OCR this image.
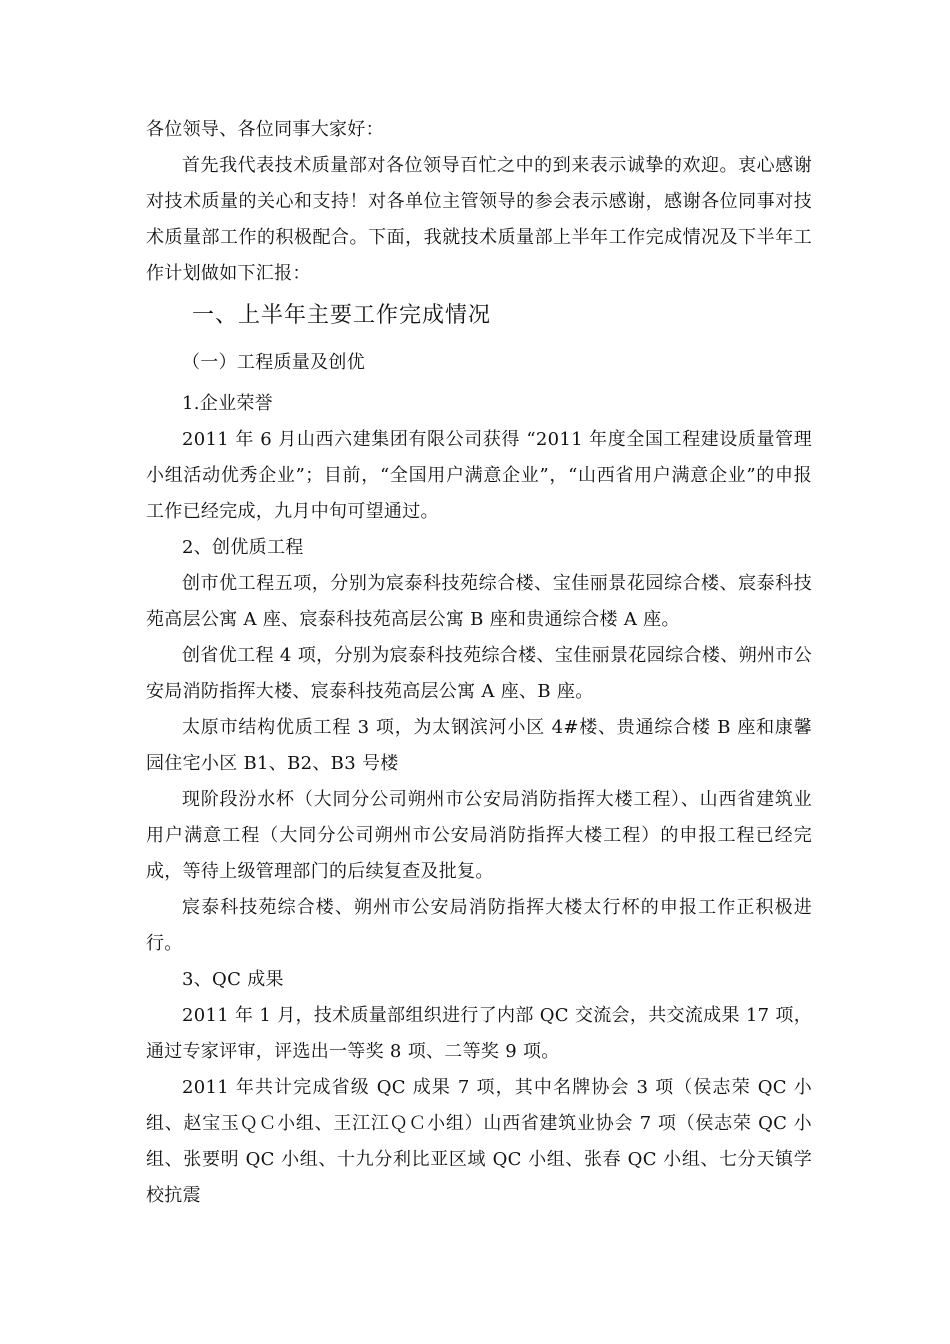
各位领导、各位同事大家好：

首先我代表技术质量部对各位领导百忙之中的到来表示诚挚的欢迎。衷心感谢对技术质量的关心和支持！对各单位主管领导的参会表示感谢，感谢各位同事对技术质量部工作的积极配合。下面，我就技术质量部上半年工作完成情况及下半年工作计划做如下汇报：

一、上半年主要工作完成情况

（一）工程质量及创优

1.企业荣誉

2011 年 6 月山西六建集团有限公司获得 “2011 年度全国工程建设质量管理小组活动优秀企业”；目前，“全国用户满意企业”，“山西省用户满意企业”的申报工作已经完成，九月中旬可望通过。

2、创优质工程

创市优工程五项，分别为宸泰科技苑综合楼、宝佳丽景花园综合楼、宸泰科技苑高层公寓 A 座、宸泰科技苑高层公寓 B 座和贵通综合楼 A 座。

创省优工程 4 项，分别为宸泰科技苑综合楼、宝佳丽景花园综合楼、朔州市公安局消防指挥大楼、宸泰科技苑高层公寓 A 座、B 座。

太原市结构优质工程 3 项，为太钢滨河小区 4#楼、贵通综合楼 B 座和康馨园住宅小区 B1、B2、B3 号楼

现阶段汾水杯（大同分公司朔州市公安局消防指挥大楼工程）、山西省建筑业用户满意工程（大同分公司朔州市公安局消防指挥大楼工程）的申报工程已经完成，等待上级管理部门的后续复查及批复。

宸泰科技苑综合楼、朔州市公安局消防指挥大楼太行杯的申报工作正积极进行。

3、QC 成果

2011 年 1 月，技术质量部组织进行了内部 QC 交流会，共交流成果 17 项，通过专家评审，评选出一等奖 8 项、二等奖 9 项。

2011 年共计完成省级 QC 成果 7 项，其中名牌协会 3 项（侯志荣 QC 小组、赵宝玉ＱＣ小组、王江江ＱＣ小组）山西省建筑业协会 7 项（侯志荣 QC 小组、张要明 QC 小组、十九分利比亚区域 QC 小组、张春 QC 小组、七分天镇学校抗震
